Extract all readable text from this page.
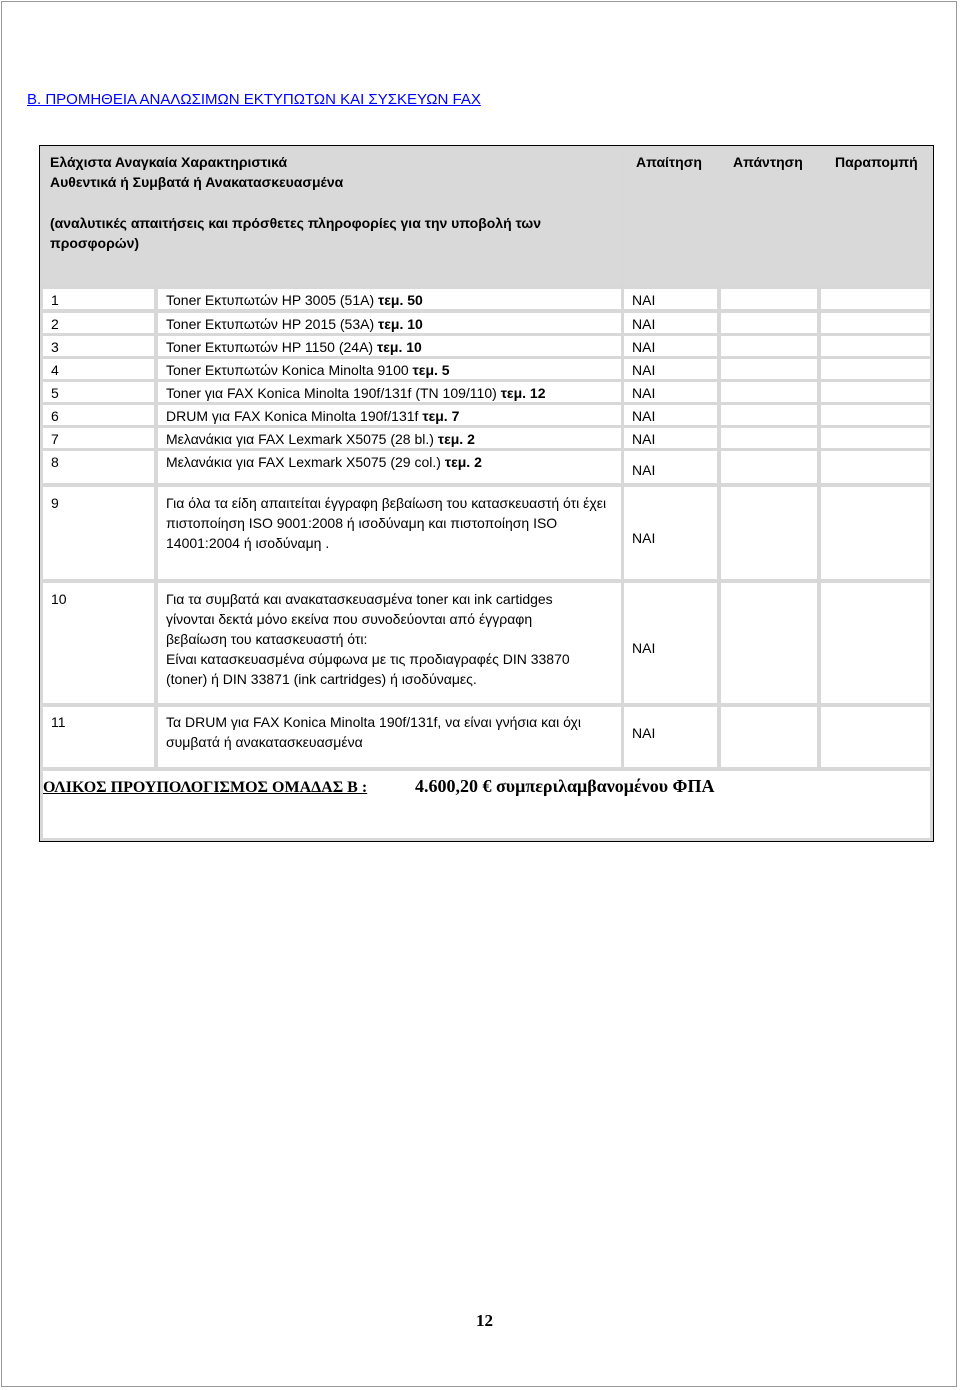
Β. ΠΡΟΜΗΘΕΙΑ ΑΝΑΛΩΣΙΜΩΝ ΕΚΤΥΠΩΤΩΝ ΚΑΙ ΣΥΣΚΕΥΩΝ FAX
Ελάχιστα Αναγκαία Χαρακτηριστικά
Αυθεντικά ή Συμβατά ή Ανακατασκευασμένα
(αναλυτικές απαιτήσεις και πρόσθετες πληροφορίες για την υποβολή των προσφορών)
Απαίτηση Απάντηση Παραπομπή
1	Toner Εκτυπωτών HP 3005 (51A) τεμ. 50	ΝΑΙ
2	Toner Εκτυπωτών HP 2015 (53A) τεμ. 10	ΝΑΙ
3	Toner Εκτυπωτών HP 1150 (24A) τεμ. 10	ΝΑΙ
4	Toner Εκτυπωτών Konica Minolta 9100 τεμ. 5	ΝΑΙ
5	Toner για FAX Konica Minolta 190f/131f (TN 109/110) τεμ. 12	ΝΑΙ
6	DRUM για FAX Konica Minolta 190f/131f τεμ. 7	ΝΑΙ
7	Μελανάκια για FAX Lexmark X5075 (28 bl.) τεμ. 2	ΝΑΙ
8	Μελανάκια για FAX Lexmark X5075 (29 col.) τεμ. 2	ΝΑΙ
9	Για όλα τα είδη απαιτείται έγγραφη βεβαίωση του κατασκευαστή ότι έχει πιστοποίηση ISO 9001:2008 ή ισοδύναμη και πιστοποίηση ISO 14001:2004 ή ισοδύναμη .	ΝΑΙ
10	Για τα συμβατά και ανακατασκευασμένα toner και ink cartidges
γίνονται δεκτά μόνο εκείνα που συνοδεύονται από έγγραφη
βεβαίωση του κατασκευαστή ότι:
Είναι κατασκευασμένα σύμφωνα με τις προδιαγραφές DIN 33870
(toner) ή DIN 33871 (ink cartridges) ή ισοδύναμες.
ΝΑΙ
11	Τα DRUM για FAX Konica Minolta 190f/131f, να είναι γνήσια και όχι
συμβατά ή ανακατασκευασμένα
ΝΑΙ
ΟΛΙΚΟΣ ΠΡΟΥΠΟΛΟΓΙΣΜΟΣ ΟΜΑΔΑΣ Β :	4.600,20 € συμπεριλαμβανομένου ΦΠΑ
12
